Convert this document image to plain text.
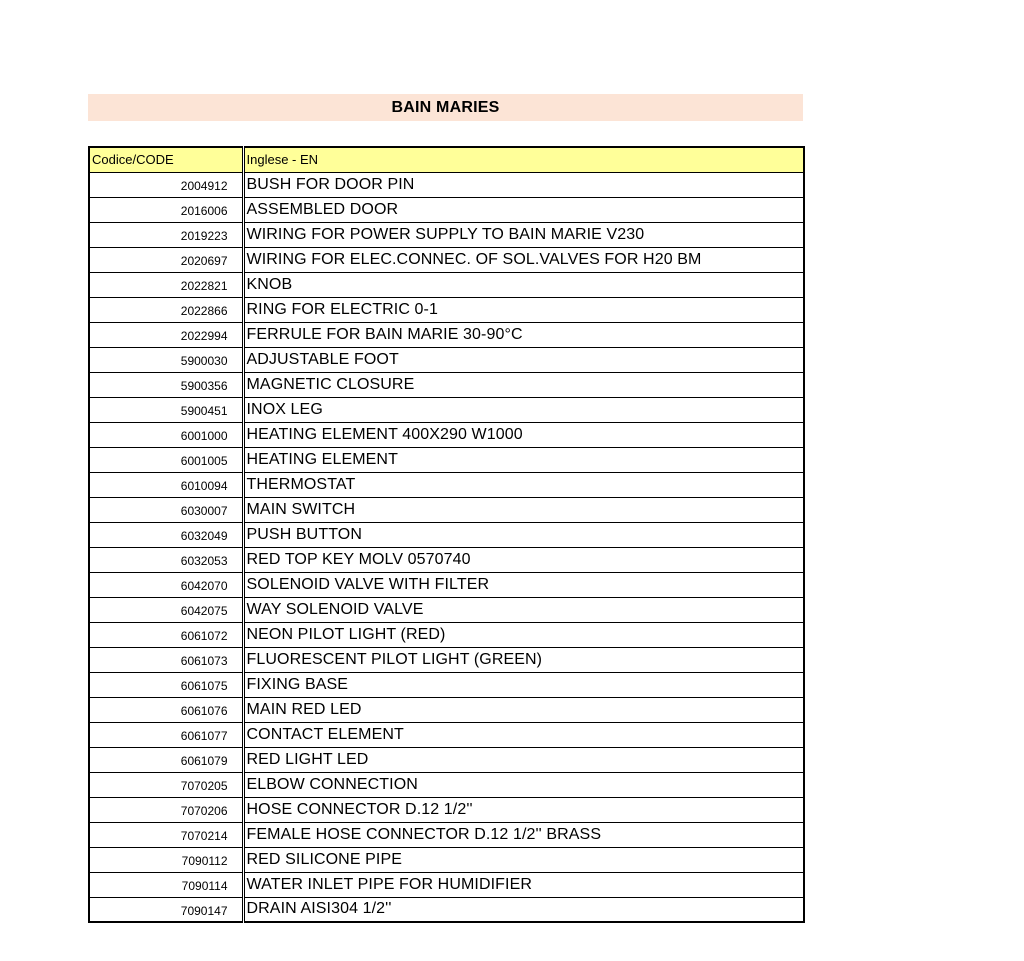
BAIN MARIES
Codice/CODE	Inglese - EN
2004912	BUSH FOR DOOR PIN
2016006	ASSEMBLED DOOR
2019223	WIRING FOR POWER SUPPLY TO BAIN MARIE V230
2020697	WIRING FOR ELEC.CONNEC. OF SOL.VALVES FOR H20 BM
2022821	KNOB
2022866	RING FOR ELECTRIC 0-1
2022994	FERRULE FOR BAIN MARIE 30-90°C
5900030	ADJUSTABLE FOOT
5900356	MAGNETIC CLOSURE
5900451	INOX LEG
6001000	HEATING ELEMENT 400X290 W1000
6001005	HEATING ELEMENT
6010094	THERMOSTAT
6030007	MAIN SWITCH
6032049	PUSH BUTTON
6032053	RED TOP KEY MOLV 0570740
6042070	SOLENOID VALVE WITH FILTER
6042075	WAY SOLENOID VALVE
6061072	NEON PILOT LIGHT (RED)
6061073	FLUORESCENT PILOT LIGHT (GREEN)
6061075	FIXING BASE
6061076	MAIN RED LED
6061077	CONTACT ELEMENT
6061079	RED LIGHT LED
7070205	ELBOW CONNECTION
7070206	HOSE CONNECTOR D.12 1/2''
7070214	FEMALE HOSE CONNECTOR D.12 1/2'' BRASS
7090112	RED SILICONE PIPE
7090114	WATER INLET PIPE FOR HUMIDIFIER
7090147	DRAIN AISI304 1/2''
